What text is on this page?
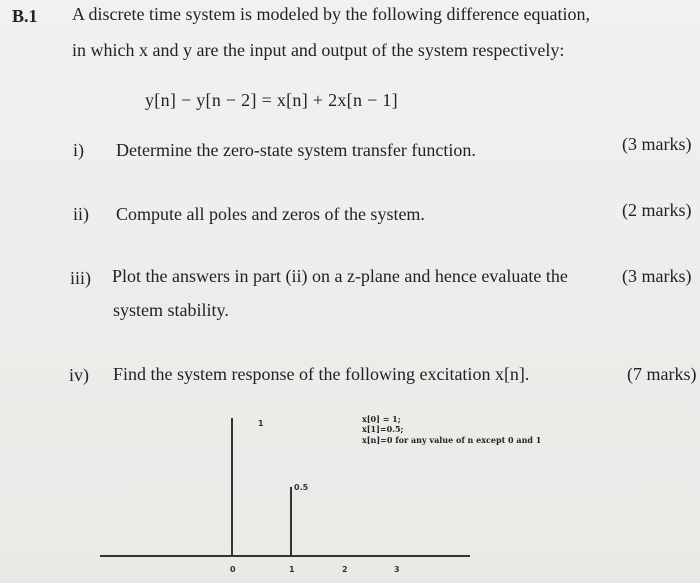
B.1 A discrete time system is modeled by the following difference equation,
in which x and y are the input and output of the system respectively:
y[n] − y[n − 2] = x[n] + 2x[n − 1]
i) Determine the zero-state system transfer function.	(3 marks)
ii) Compute all poles and zeros of the system.	(2 marks)
iii) Plot the answers in part (ii) on a z-plane and hence evaluate the	(3 marks)
system stability.
iv) Find the system response of the following excitation x[n].	(7 marks)
x[0] = 1;
x[1]=0.5;
x[n]=0 for any value of n except 0 and 1
0	1	2	3
1
0.5
